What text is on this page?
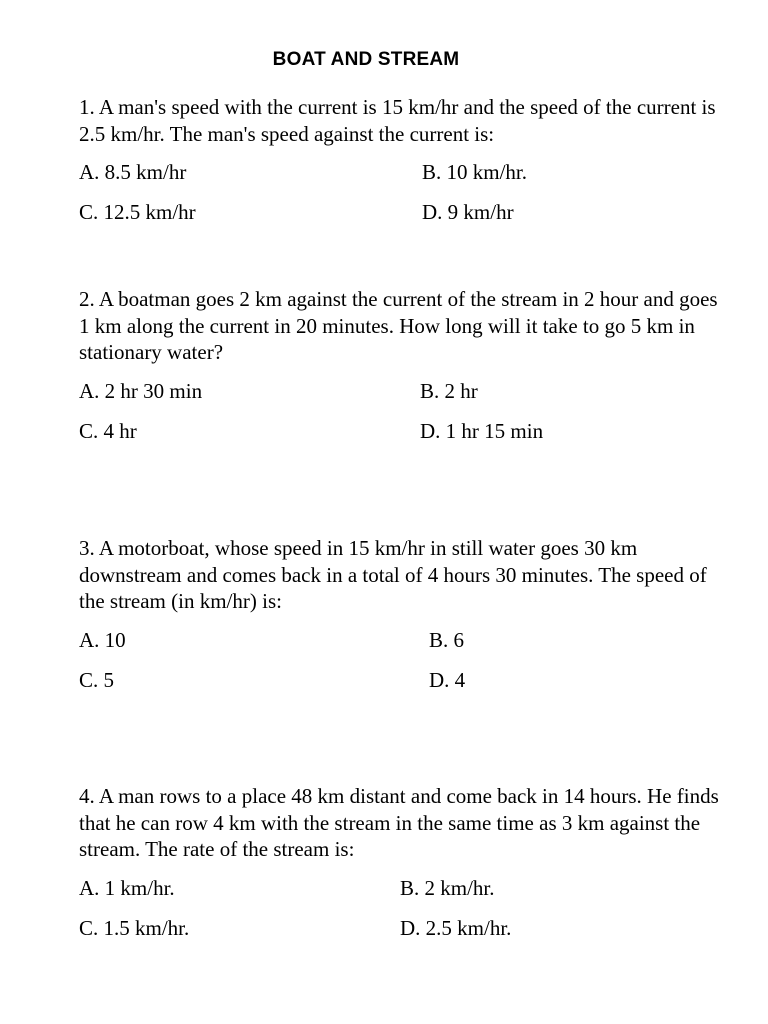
BOAT AND STREAM

1. A man's speed with the current is 15 km/hr and the speed of the current is 2.5 km/hr. The man's speed against the current is:

A. 8.5 km/hr	B. 10 km/hr.
C. 12.5 km/hr	D. 9 km/hr

2. A boatman goes 2 km against the current of the stream in 2 hour and goes 1 km along the current in 20 minutes. How long will it take to go 5 km in stationary water?

A. 2 hr 30 min	B. 2 hr
C. 4 hr	D. 1 hr 15 min

3. A motorboat, whose speed in 15 km/hr in still water goes 30 km downstream and comes back in a total of 4 hours 30 minutes. The speed of the stream (in km/hr) is:

A. 10	B. 6
C. 5	D. 4

4. A man rows to a place 48 km distant and come back in 14 hours. He finds that he can row 4 km with the stream in the same time as 3 km against the stream. The rate of the stream is:

A. 1 km/hr.	B. 2 km/hr.
C. 1.5 km/hr.	D. 2.5 km/hr.
